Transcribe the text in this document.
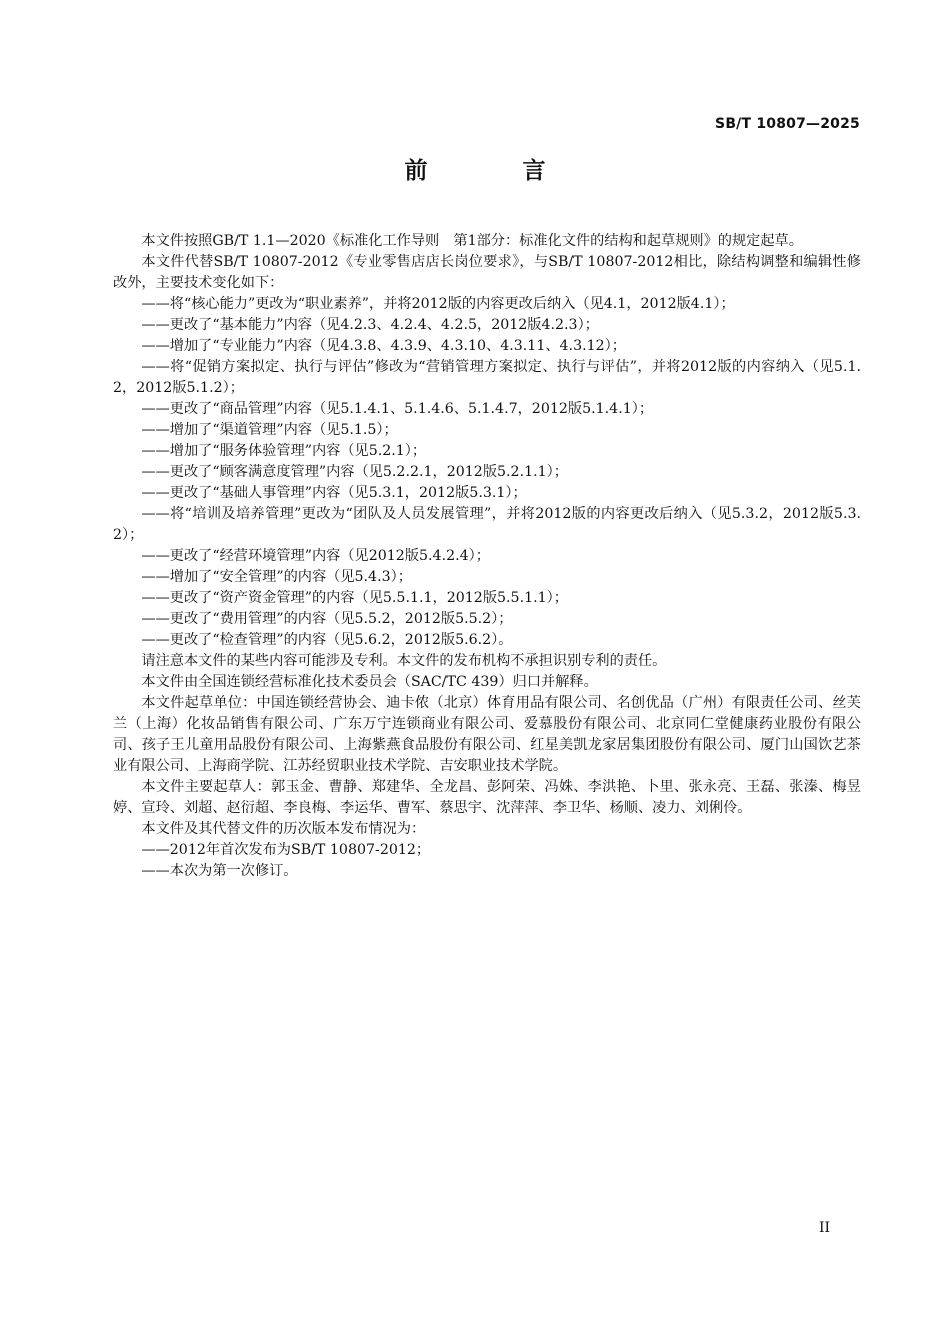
SB/T 10807—2025
前　言

本文件按照GB/T 1.1—2020《标准化工作导则　第1部分：标准化文件的结构和起草规则》的规定起草。

本文件代替SB/T 10807-2012《专业零售店店长岗位要求》，与SB/T 10807-2012相比，除结构调整和编辑性修改外，主要技术变化如下：

——将“核心能力”更改为“职业素养”，并将2012版的内容更改后纳入（见4.1，2012版4.1）；

——更改了“基本能力”内容（见4.2.3、4.2.4、4.2.5，2012版4.2.3）；

——增加了“专业能力”内容（见4.3.8、4.3.9、4.3.10、4.3.11、4.3.12）；

——将“促销方案拟定、执行与评估”修改为“营销管理方案拟定、执行与评估”，并将2012版的内容纳入（见5.1.2，2012版5.1.2）；

——更改了“商品管理”内容（见5.1.4.1、5.1.4.6、5.1.4.7，2012版5.1.4.1）；

——增加了“渠道管理”内容（见5.1.5）；

——增加了“服务体验管理”内容（见5.2.1）；

——更改了“顾客满意度管理”内容（见5.2.2.1，2012版5.2.1.1）；

——更改了“基础人事管理”内容（见5.3.1，2012版5.3.1）；

——将“培训及培养管理”更改为“团队及人员发展管理”，并将2012版的内容更改后纳入（见5.3.2，2012版5.3.2）；

——更改了“经营环境管理”内容（见2012版5.4.2.4）；

——增加了“安全管理”的内容（见5.4.3）；

——更改了“资产资金管理”的内容（见5.5.1.1，2012版5.5.1.1）；

——更改了“费用管理”的内容（见5.5.2，2012版5.5.2）；

——更改了“检查管理”的内容（见5.6.2，2012版5.6.2）。

请注意本文件的某些内容可能涉及专利。本文件的发布机构不承担识别专利的责任。

本文件由全国连锁经营标准化技术委员会（SAC/TC 439）归口并解释。

本文件起草单位：中国连锁经营协会、迪卡侬（北京）体育用品有限公司、名创优品（广州）有限责任公司、丝芙兰（上海）化妆品销售有限公司、广东万宁连锁商业有限公司、爱慕股份有限公司、北京同仁堂健康药业股份有限公司、孩子王儿童用品股份有限公司、上海紫燕食品股份有限公司、红星美凯龙家居集团股份有限公司、厦门山国饮艺茶业有限公司、上海商学院、江苏经贸职业技术学院、吉安职业技术学院。

本文件主要起草人：郭玉金、曹静、郑建华、全龙昌、彭阿荣、冯姝、李洪艳、卜里、张永亮、王磊、张溱、梅昱婷、宣玲、刘超、赵衍超、李良梅、李运华、曹军、蔡思宇、沈萍萍、李卫华、杨顺、凌力、刘俐伶。

本文件及其代替文件的历次版本发布情况为：

——2012年首次发布为SB/T 10807-2012；

——本次为第一次修订。

II
